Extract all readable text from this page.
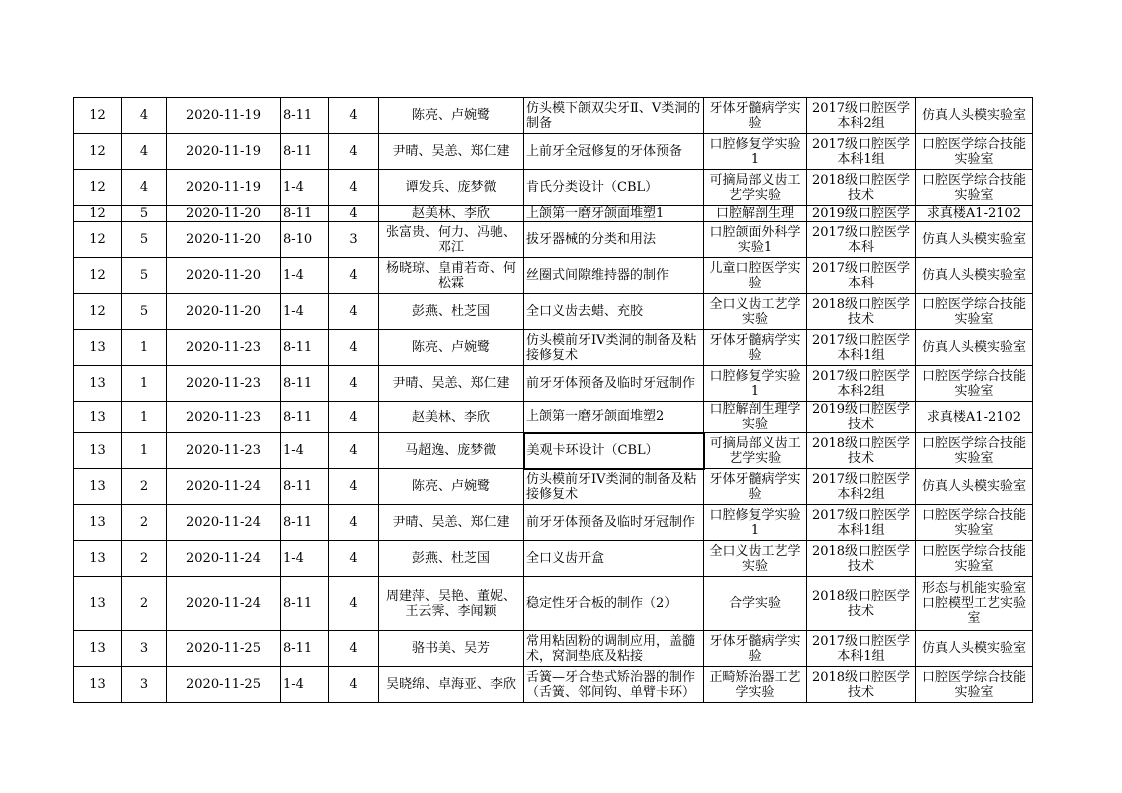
12	4	2020-11-19	8-11	4	陈亮、卢婉鹭	仿头模下颌双尖牙Ⅱ、V类洞的制备	牙体牙髓病学实验	2017级口腔医学本科2组	仿真人头模实验室
12	4	2020-11-19	8-11	4	尹晴、吴恙、郑仁建	上前牙全冠修复的牙体预备	口腔修复学实验1	2017级口腔医学本科1组	口腔医学综合技能实验室
12	4	2020-11-19	1-4	4	谭发兵、庞梦微	肯氏分类设计（CBL）	可摘局部义齿工艺学实验	2018级口腔医学技术	口腔医学综合技能实验室
12	5	2020-11-20	8-11	4	赵美林、李欣	上颌第一磨牙颌面堆塑1	口腔解剖生理	2019级口腔医学	求真楼A1-2102
12	5	2020-11-20	8-10	3	张富贵、何力、冯驰、邓江	拔牙器械的分类和用法	口腔颌面外科学实验1	2017级口腔医学本科	仿真人头模实验室
12	5	2020-11-20	1-4	4	杨晓琼、皇甫若奇、何松霖	丝圈式间隙维持器的制作	儿童口腔医学实验	2017级口腔医学本科	仿真人头模实验室
12	5	2020-11-20	1-4	4	彭燕、杜芝国	全口义齿去蜡、充胶	全口义齿工艺学实验	2018级口腔医学技术	口腔医学综合技能实验室
13	1	2020-11-23	8-11	4	陈亮、卢婉鹭	仿头模前牙IV类洞的制备及粘接修复术	牙体牙髓病学实验	2017级口腔医学本科1组	仿真人头模实验室
13	1	2020-11-23	8-11	4	尹晴、吴恙、郑仁建	前牙牙体预备及临时牙冠制作	口腔修复学实验1	2017级口腔医学本科2组	口腔医学综合技能实验室
13	1	2020-11-23	8-11	4	赵美林、李欣	上颌第一磨牙颌面堆塑2	口腔解剖生理学实验	2019级口腔医学技术	求真楼A1-2102
13	1	2020-11-23	1-4	4	马超逸、庞梦微	美观卡环设计（CBL）	可摘局部义齿工艺学实验	2018级口腔医学技术	口腔医学综合技能实验室
13	2	2020-11-24	8-11	4	陈亮、卢婉鹭	仿头模前牙IV类洞的制备及粘接修复术	牙体牙髓病学实验	2017级口腔医学本科2组	仿真人头模实验室
13	2	2020-11-24	8-11	4	尹晴、吴恙、郑仁建	前牙牙体预备及临时牙冠制作	口腔修复学实验1	2017级口腔医学本科1组	口腔医学综合技能实验室
13	2	2020-11-24	1-4	4	彭燕、杜芝国	全口义齿开盒	全口义齿工艺学实验	2018级口腔医学技术	口腔医学综合技能实验室
13	2	2020-11-24	8-11	4	周建萍、吴艳、董妮、王云霁、李闻颖	稳定性牙合板的制作（2）	合学实验	2018级口腔医学技术	形态与机能实验室　　口腔模型工艺实验室
13	3	2020-11-25	8-11	4	骆书美、吴芳	常用粘固粉的调制应用，盖髓术，窝洞垫底及粘接	牙体牙髓病学实验	2017级口腔医学本科1组	仿真人头模实验室
13	3	2020-11-25	1-4	4	吴晓绵、卓海亚、李欣	舌簧—牙合垫式矫治器的制作（舌簧、邻间钩、单臂卡环）	正畸矫治器工艺学实验	2018级口腔医学技术	口腔医学综合技能实验室
